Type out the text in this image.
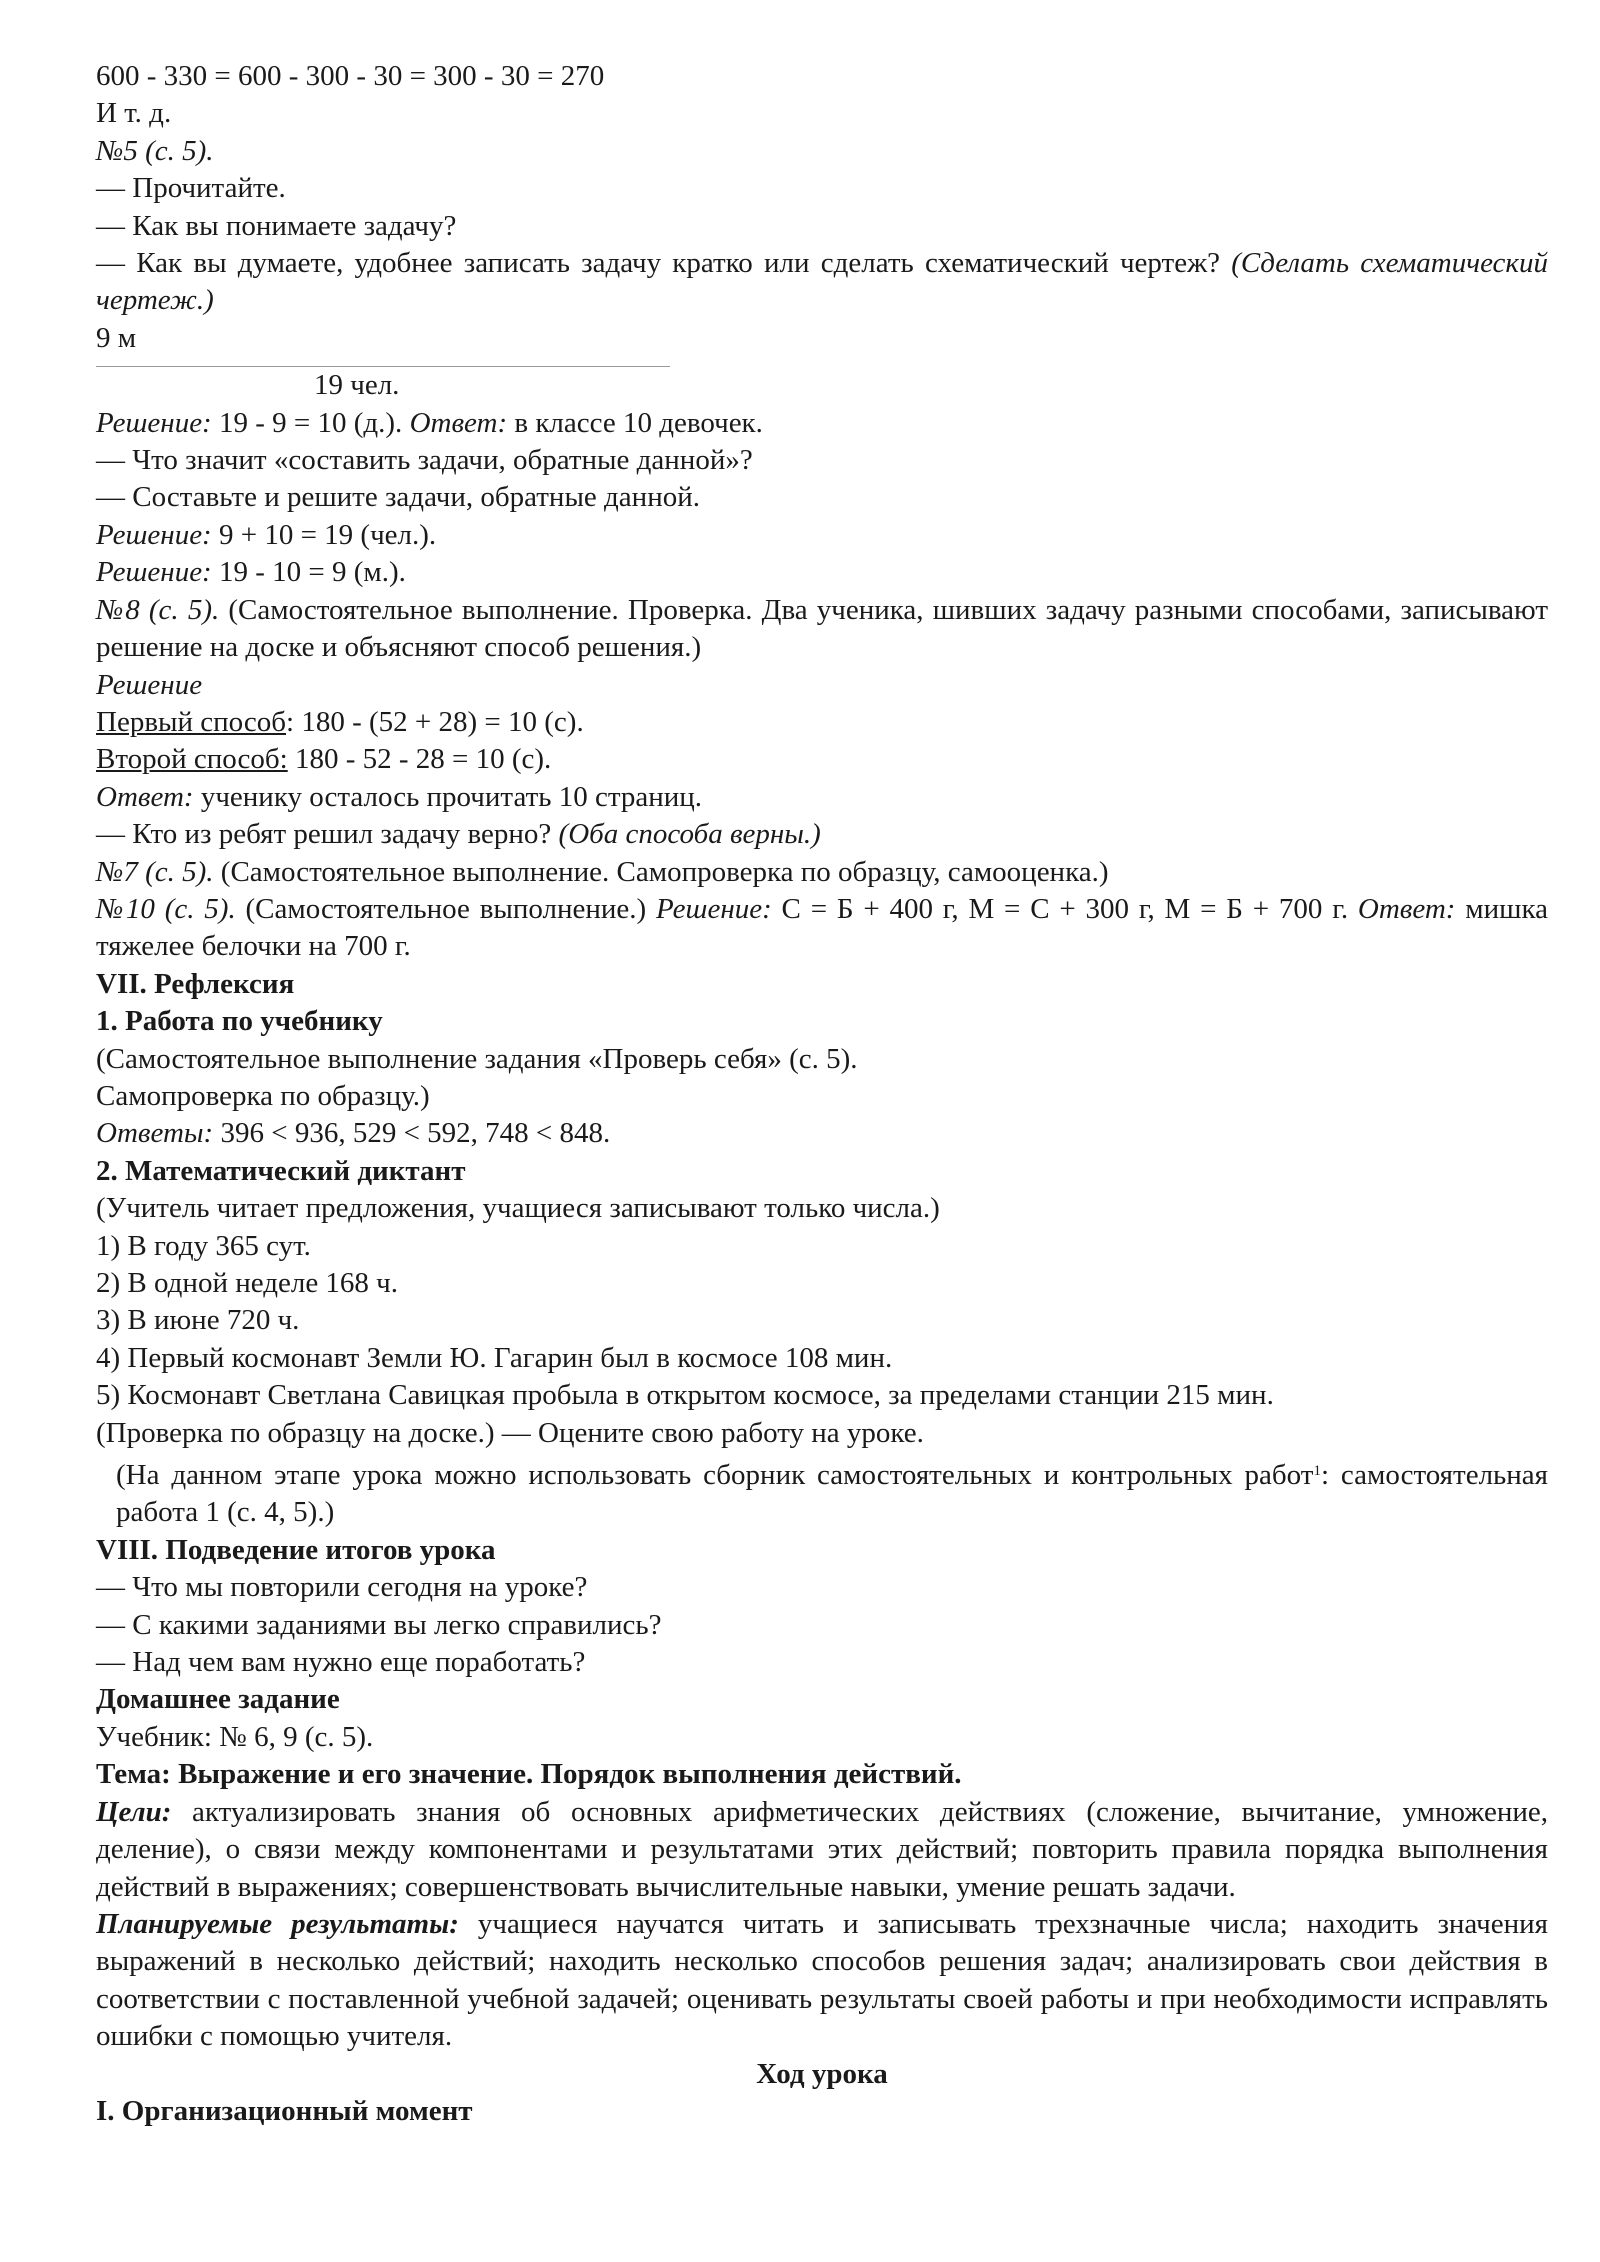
600 - 330 = 600 - 300 - 30 = 300 - 30 = 270
И т. д.
№5 (с. 5).
— Прочитайте.
— Как вы понимаете задачу?
— Как вы думаете, удобнее записать задачу кратко или сделать схематический чертеж? (Сделать схематический чертеж.)
9 м
19 чел.
Решение: 19 - 9 = 10 (д.). Ответ: в классе 10 девочек.
— Что значит «составить задачи, обратные данной»?
— Составьте и решите задачи, обратные данной.
Решение: 9 + 10 = 19 (чел.).
Решение: 19 - 10 = 9 (м.).
№8 (с. 5). (Самостоятельное выполнение. Проверка. Два ученика, шивших задачу разными способами, записывают решение на доске и объясняют способ решения.)
Решение
Первый способ: 180 - (52 + 28) = 10 (с).
Второй способ: 180 - 52 - 28 = 10 (с).
Ответ: ученику осталось прочитать 10 страниц.
— Кто из ребят решил задачу верно? (Оба способа верны.)
№7 (с. 5). (Самостоятельное выполнение. Самопроверка по образцу, самооценка.)
№10 (с. 5). (Самостоятельное выполнение.) Решение: С = Б + 400 г, М = С + 300 г, М = Б + 700 г. Ответ: мишка тяжелее белочки на 700 г.
VII. Рефлексия
1. Работа по учебнику
(Самостоятельное выполнение задания «Проверь себя» (с. 5).
Самопроверка по образцу.)
Ответы: 396 < 936, 529 < 592, 748 < 848.
2. Математический диктант
(Учитель читает предложения, учащиеся записывают только числа.)
1) В году 365 сут.
2) В одной неделе 168 ч.
3) В июне 720 ч.
4) Первый космонавт Земли Ю. Гагарин был в космосе 108 мин.
5) Космонавт Светлана Савицкая пробыла в открытом космосе, за пределами станции 215 мин.
(Проверка по образцу на доске.) — Оцените свою работу на уроке.
(На данном этапе урока можно использовать сборник самостоятельных и контрольных работ$^1$: самостоятельная работа 1 (с. 4, 5).)
VIII. Подведение итогов урока
— Что мы повторили сегодня на уроке?
— С какими заданиями вы легко справились?
— Над чем вам нужно еще поработать?
Домашнее задание
Учебник: № 6, 9 (с. 5).
Тема: Выражение и его значение. Порядок выполнения действий.
Цели: актуализировать знания об основных арифметических действиях (сложение, вычитание, умножение, деление), о связи между компонентами и результатами этих действий; повторить правила порядка выполнения действий в выражениях; совершенствовать вычислительные навыки, умение решать задачи.
Планируемые результаты: учащиеся научатся читать и записывать трехзначные числа; находить значения выражений в несколько действий; находить несколько способов решения задач; анализировать свои действия в соответствии с поставленной учебной задачей; оценивать результаты своей работы и при необходимости исправлять ошибки с помощью учителя.
Ход урока
I. Организационный момент
